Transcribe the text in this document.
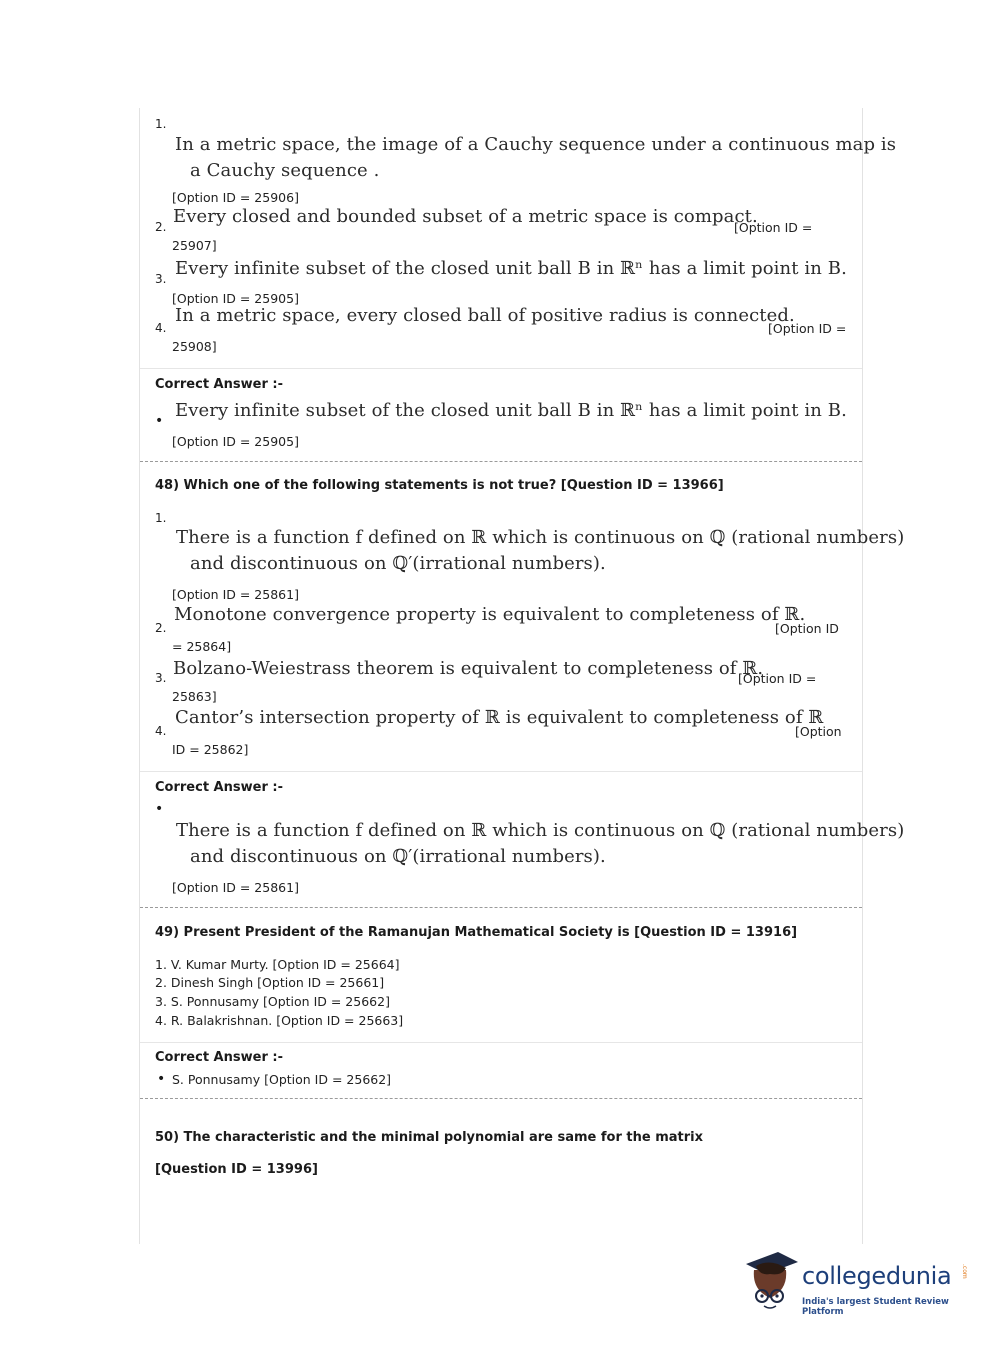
1.
In a metric space, the image of a Cauchy sequence under a continuous map is
a Cauchy sequence .
[Option ID = 25906]
2. Every closed and bounded subset of a metric space is compact.
[Option ID =
25907]
3. Every infinite subset of the closed unit ball B in ℝⁿ has a limit point in B.
[Option ID = 25905]
4.
In a metric space, every closed ball of positive radius is connected.
[Option ID =
25908]
Correct Answer :-
• Every infinite subset of the closed unit ball B in ℝⁿ has a limit point in B.
[Option ID = 25905]
48) Which one of the following statements is not true? [Question ID = 13966]
1.
There is a function f defined on ℝ which is continuous on ℚ (rational numbers)
and discontinuous on ℚ′(irrational numbers).
[Option ID = 25861]
2.
Monotone convergence property is equivalent to completeness of ℝ.
[Option ID
= 25864]
3. Bolzano-Weiestrass theorem is equivalent to completeness of ℝ.
[Option ID =
25863]
4.
Cantor’s intersection property of ℝ is equivalent to completeness of ℝ
[Option
ID = 25862]
Correct Answer :-
•
There is a function f defined on ℝ which is continuous on ℚ (rational numbers)
and discontinuous on ℚ′(irrational numbers).
[Option ID = 25861]
49) Present President of the Ramanujan Mathematical Society is [Question ID = 13916]
1. V. Kumar Murty. [Option ID = 25664]
2. Dinesh Singh [Option ID = 25661]
3. S. Ponnusamy [Option ID = 25662]
4. R. Balakrishnan. [Option ID = 25663]
Correct Answer :-
• S. Ponnusamy [Option ID = 25662]
50) The characteristic and the minimal polynomial are same for the matrix
[Question ID = 13996]
collegedunia .com
India's largest Student Review Platform
